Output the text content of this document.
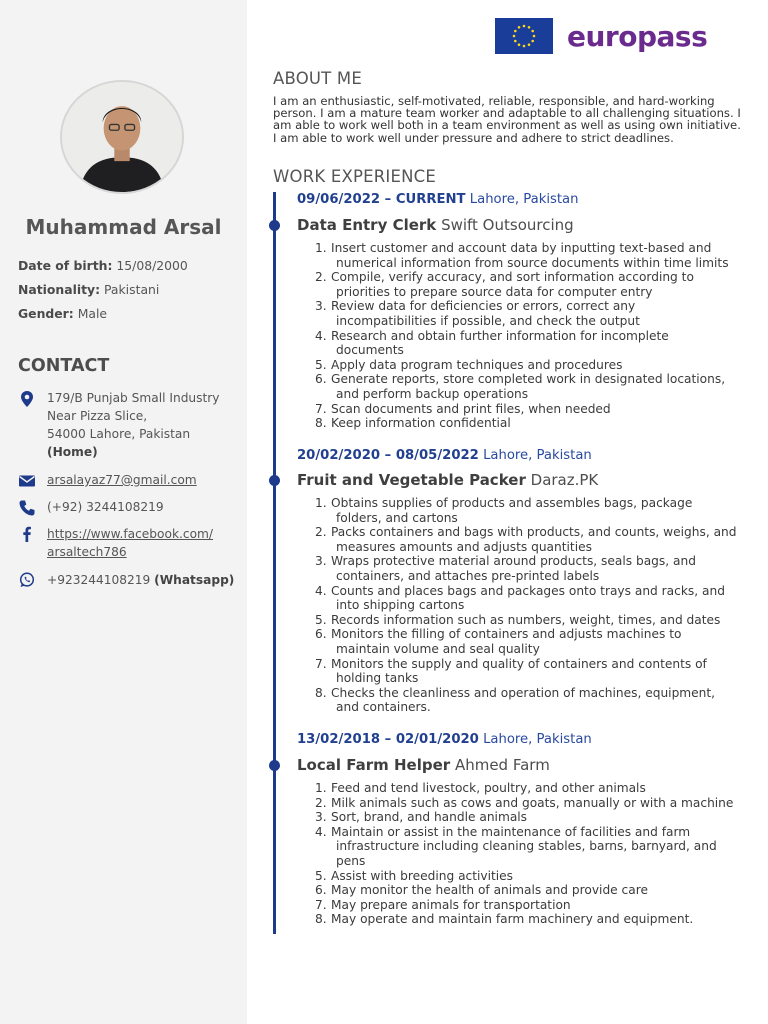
Muhammad Arsal
Date of birth: 15/08/2000
Nationality: Pakistani
Gender: Male
CONTACT
179/B Punjab Small Industry
Near Pizza Slice,
54000 Lahore, Pakistan
(Home)
arsalayaz77@gmail.com
(+92) 3244108219
https://www.facebook.com/
arsaltech786
+923244108219 (Whatsapp)
europass
ABOUT ME
I am an enthusiastic, self-motivated, reliable, responsible, and hard-working person. I am a mature team worker and adaptable to all challenging situations. I am able to work well both in a team environment as well as using own initiative. I am able to work well under pressure and adhere to strict deadlines.
WORK EXPERIENCE
09/06/2022 – CURRENT Lahore, Pakistan
Data Entry Clerk Swift Outsourcing
1. Insert customer and account data by inputting text-based and
numerical information from source documents within time limits
2. Compile, verify accuracy, and sort information according to
priorities to prepare source data for computer entry
3. Review data for deficiencies or errors, correct any
incompatibilities if possible, and check the output
4. Research and obtain further information for incomplete
documents
5. Apply data program techniques and procedures
6. Generate reports, store completed work in designated locations,
and perform backup operations
7. Scan documents and print files, when needed
8. Keep information confidential
20/02/2020 – 08/05/2022 Lahore, Pakistan
Fruit and Vegetable Packer Daraz.PK
1. Obtains supplies of products and assembles bags, package
folders, and cartons
2. Packs containers and bags with products, and counts, weighs, and
measures amounts and adjusts quantities
3. Wraps protective material around products, seals bags, and
containers, and attaches pre-printed labels
4. Counts and places bags and packages onto trays and racks, and
into shipping cartons
5. Records information such as numbers, weight, times, and dates
6. Monitors the filling of containers and adjusts machines to
maintain volume and seal quality
7. Monitors the supply and quality of containers and contents of
holding tanks
8. Checks the cleanliness and operation of machines, equipment,
and containers.
13/02/2018 – 02/01/2020 Lahore, Pakistan
Local Farm Helper Ahmed Farm
1. Feed and tend livestock, poultry, and other animals
2. Milk animals such as cows and goats, manually or with a machine
3. Sort, brand, and handle animals
4. Maintain or assist in the maintenance of facilities and farm
infrastructure including cleaning stables, barns, barnyard, and
pens
5. Assist with breeding activities
6. May monitor the health of animals and provide care
7. May prepare animals for transportation
8. May operate and maintain farm machinery and equipment.
